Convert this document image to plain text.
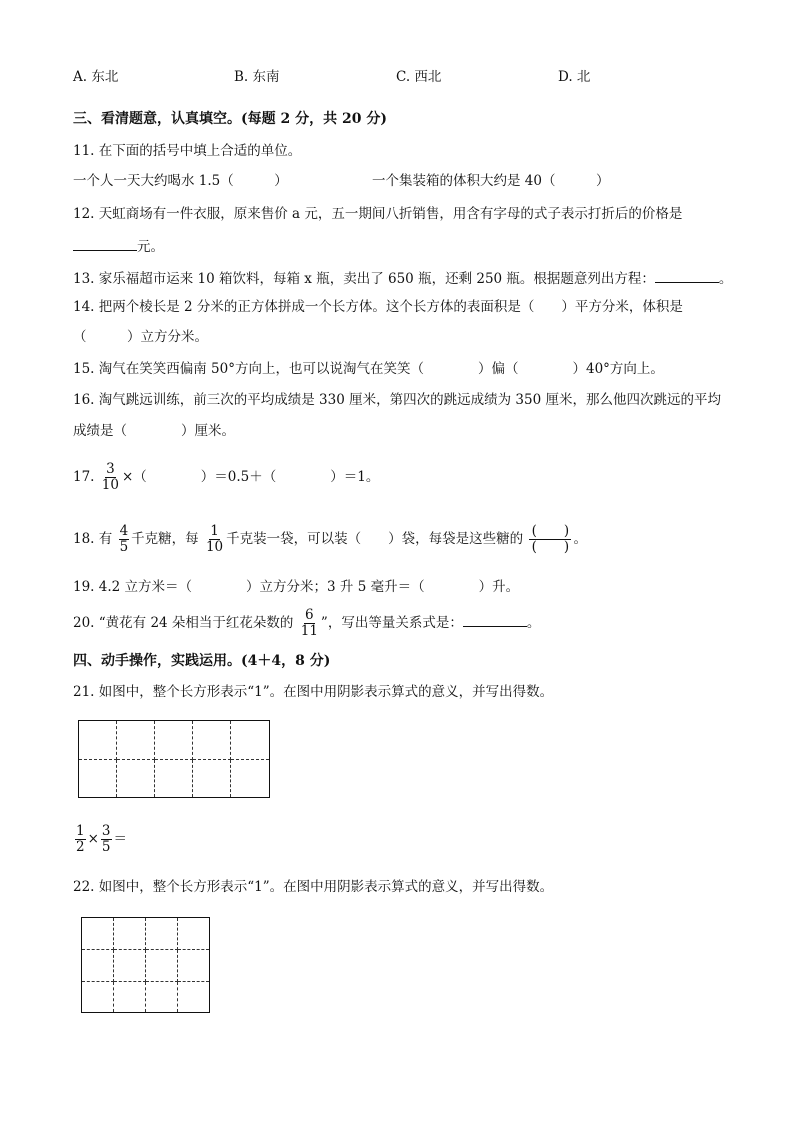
A. 东北	B. 东南	C. 西北	D. 北
三、看清题意，认真填空。(每题 2 分，共 20 分)
11. 在下面的括号中填上合适的单位。
一个人一天大约喝水 1.5（　　　）	一个集装箱的体积大约是 40（　　　）
12. 天虹商场有一件衣服，原来售价 a 元，五一期间八折销售，用含有字母的式子表示打折后的价格是
元。
13. 家乐福超市运来 10 箱饮料，每箱 x 瓶，卖出了 650 瓶，还剩 250 瓶。根据题意列出方程：	。
14. 把两个棱长是 2 分米的正方体拼成一个长方体。这个长方体的表面积是（　　）平方分米，体积是
（　　　）立方分米。
15. 淘气在笑笑西偏南 50°方向上，也可以说淘气在笑笑（　　　　）偏（　　　　）40°方向上。
16. 淘气跳远训练，前三次的平均成绩是 330 厘米，第四次的跳远成绩为 350 厘米，那么他四次跳远的平均
成绩是（　　　　）厘米。
17. $\frac{3}{10}$ ×（　　　　）＝0.5＋（　　　　）＝1。
18. 有 $\frac{4}{5}$ 千克糖，每 $\frac{1}{10}$ 千克装一袋，可以装（　　）袋，每袋是这些糖的 $\frac{( )}{( )}$ 。
19. 4.2 立方米＝（　　　　）立方分米；3 升 5 毫升＝（　　　　）升。
20. “黄花有 24 朵相当于红花朵数的 $\frac{6}{11}$ ”，写出等量关系式是：	。
四、动手操作，实践运用。(4＋4，8 分)
21. 如图中，整个长方形表示“1”。在图中用阴影表示算式的意义，并写出得数。
$\frac{1}{2} \times \frac{3}{5}$ ＝
22. 如图中，整个长方形表示“1”。在图中用阴影表示算式的意义，并写出得数。
